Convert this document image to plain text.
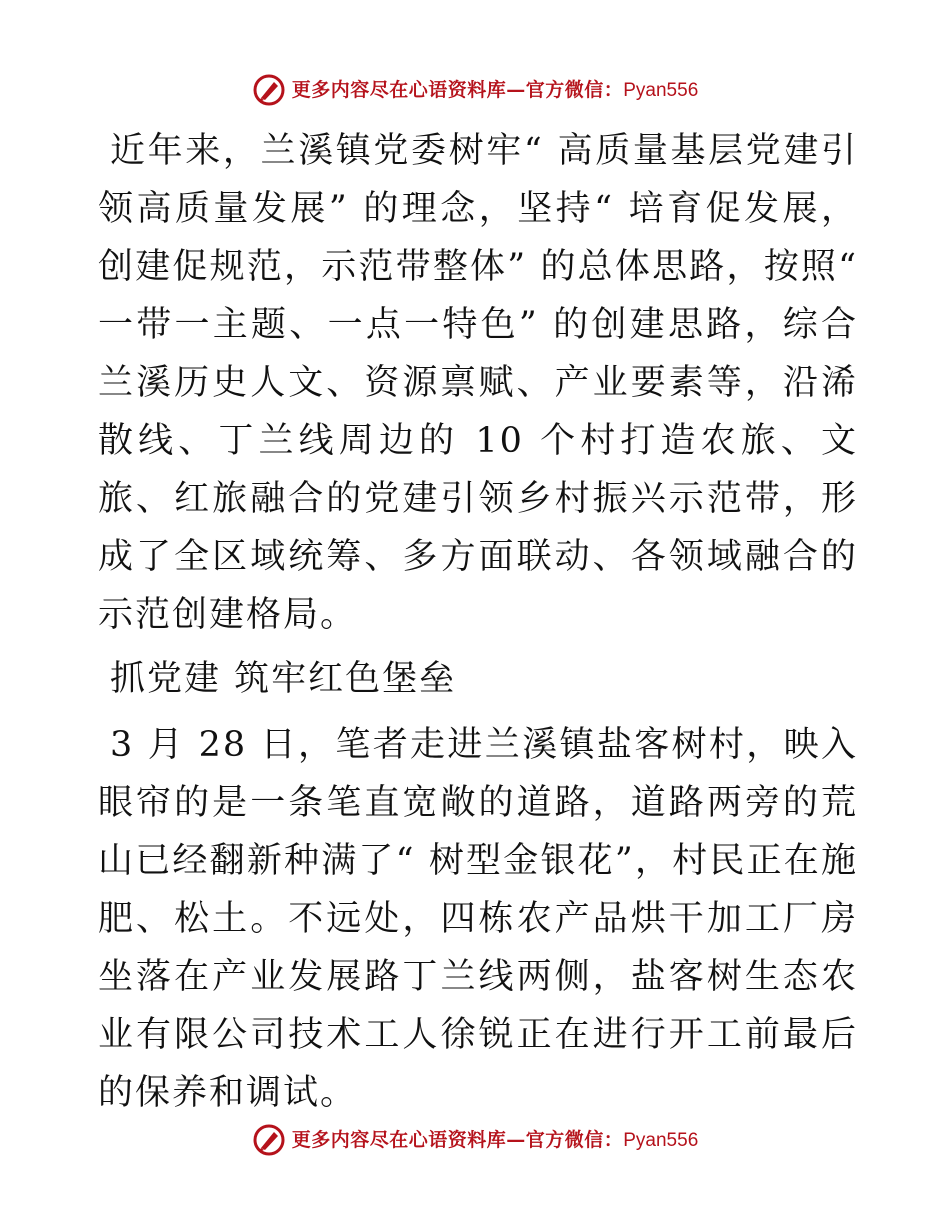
更多内容尽在心语资料库—官方微信： Pyan556

近年来，兰溪镇党委树牢“ 高质量基层党建引领高质量发展” 的理念，坚持“ 培育促发展，创建促规范，示范带整体” 的总体思路，按照“ 一带一主题、一点一特色” 的创建思路，综合兰溪历史人文、资源禀赋、产业要素等，沿浠散线、丁兰线周边的 10 个村打造农旅、文旅、红旅融合的党建引领乡村振兴示范带，形成了全区域统筹、多方面联动、各领域融合的示范创建格局。

抓党建 筑牢红色堡垒

3 月 28 日，笔者走进兰溪镇盐客树村，映入眼帘的是一条笔直宽敞的道路，道路两旁的荒山已经翻新种满了“ 树型金银花”，村民正在施肥、松土。不远处，四栋农产品烘干加工厂房坐落在产业发展路丁兰线两侧，盐客树生态农业有限公司技术工人徐锐正在进行开工前最后的保养和调试。

更多内容尽在心语资料库—官方微信： Pyan556
